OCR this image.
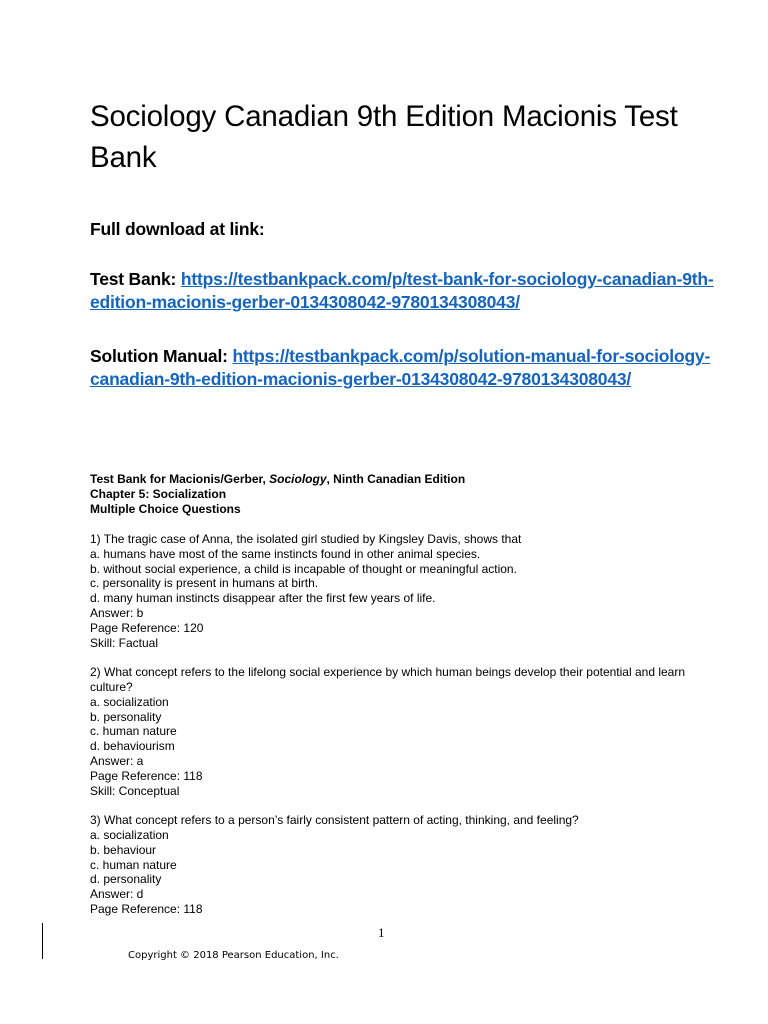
Sociology Canadian 9th Edition Macionis Test Bank
Full download at link:
Test Bank: https://testbankpack.com/p/test-bank-for-sociology-canadian-9th-edition-macionis-gerber-0134308042-9780134308043/
Solution Manual: https://testbankpack.com/p/solution-manual-for-sociology-canadian-9th-edition-macionis-gerber-0134308042-9780134308043/
Test Bank for Macionis/Gerber, Sociology, Ninth Canadian Edition
Chapter 5: Socialization
Multiple Choice Questions
1) The tragic case of Anna, the isolated girl studied by Kingsley Davis, shows that
a. humans have most of the same instincts found in other animal species.
b. without social experience, a child is incapable of thought or meaningful action.
c. personality is present in humans at birth.
d. many human instincts disappear after the first few years of life.
Answer: b
Page Reference: 120
Skill: Factual
2) What concept refers to the lifelong social experience by which human beings develop their potential and learn culture?
a. socialization
b. personality
c. human nature
d. behaviourism
Answer: a
Page Reference: 118
Skill: Conceptual
3) What concept refers to a person’s fairly consistent pattern of acting, thinking, and feeling?
a. socialization
b. behaviour
c. human nature
d. personality
Answer: d
Page Reference: 118
1
Copyright © 2018 Pearson Education, Inc.
